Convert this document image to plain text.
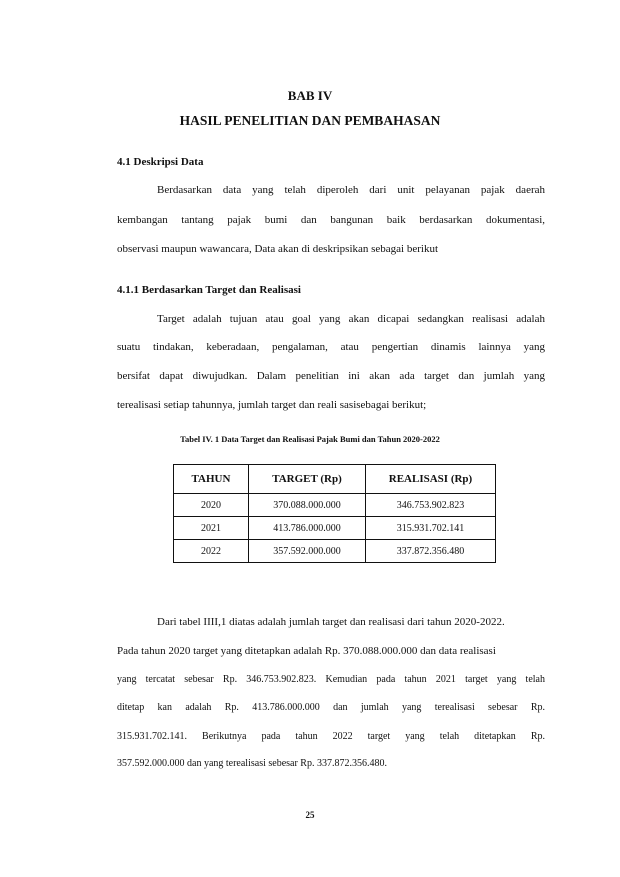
BAB IV
HASIL PENELITIAN DAN PEMBAHASAN
4.1 Deskripsi Data
Berdasarkan data yang telah diperoleh dari unit pelayanan pajak daerah
kembangan tantang pajak bumi dan bangunan baik berdasarkan dokumentasi,
observasi maupun wawancara, Data akan di deskripsikan sebagai berikut
4.1.1 Berdasarkan Target dan Realisasi
Target adalah tujuan atau goal yang akan dicapai sedangkan realisasi adalah
suatu tindakan, keberadaan, pengalaman, atau pengertian dinamis lainnya yang
bersifat dapat diwujudkan. Dalam penelitian ini akan ada target dan jumlah yang
terealisasi setiap tahunnya, jumlah target dan reali sasisebagai berikut;
Tabel IV. 1 Data Target dan Realisasi Pajak Bumi dan Tahun 2020-2022
TAHUN	TARGET (Rp)	REALISASI (Rp)
2020	370.088.000.000	346.753.902.823
2021	413.786.000.000	315.931.702.141
2022	357.592.000.000	337.872.356.480
Dari tabel IIII,1 diatas adalah jumlah target dan realisasi dari tahun 2020-2022.
Pada tahun 2020 target yang ditetapkan adalah Rp. 370.088.000.000 dan data realisasi
yang tercatat sebesar Rp. 346.753.902.823. Kemudian pada tahun 2021 target yang telah
ditetap kan adalah Rp. 413.786.000.000 dan jumlah yang terealisasi sebesar Rp.
315.931.702.141. Berikutnya pada tahun 2022 target yang telah ditetapkan Rp.
357.592.000.000 dan yang terealisasi sebesar Rp. 337.872.356.480.
25
